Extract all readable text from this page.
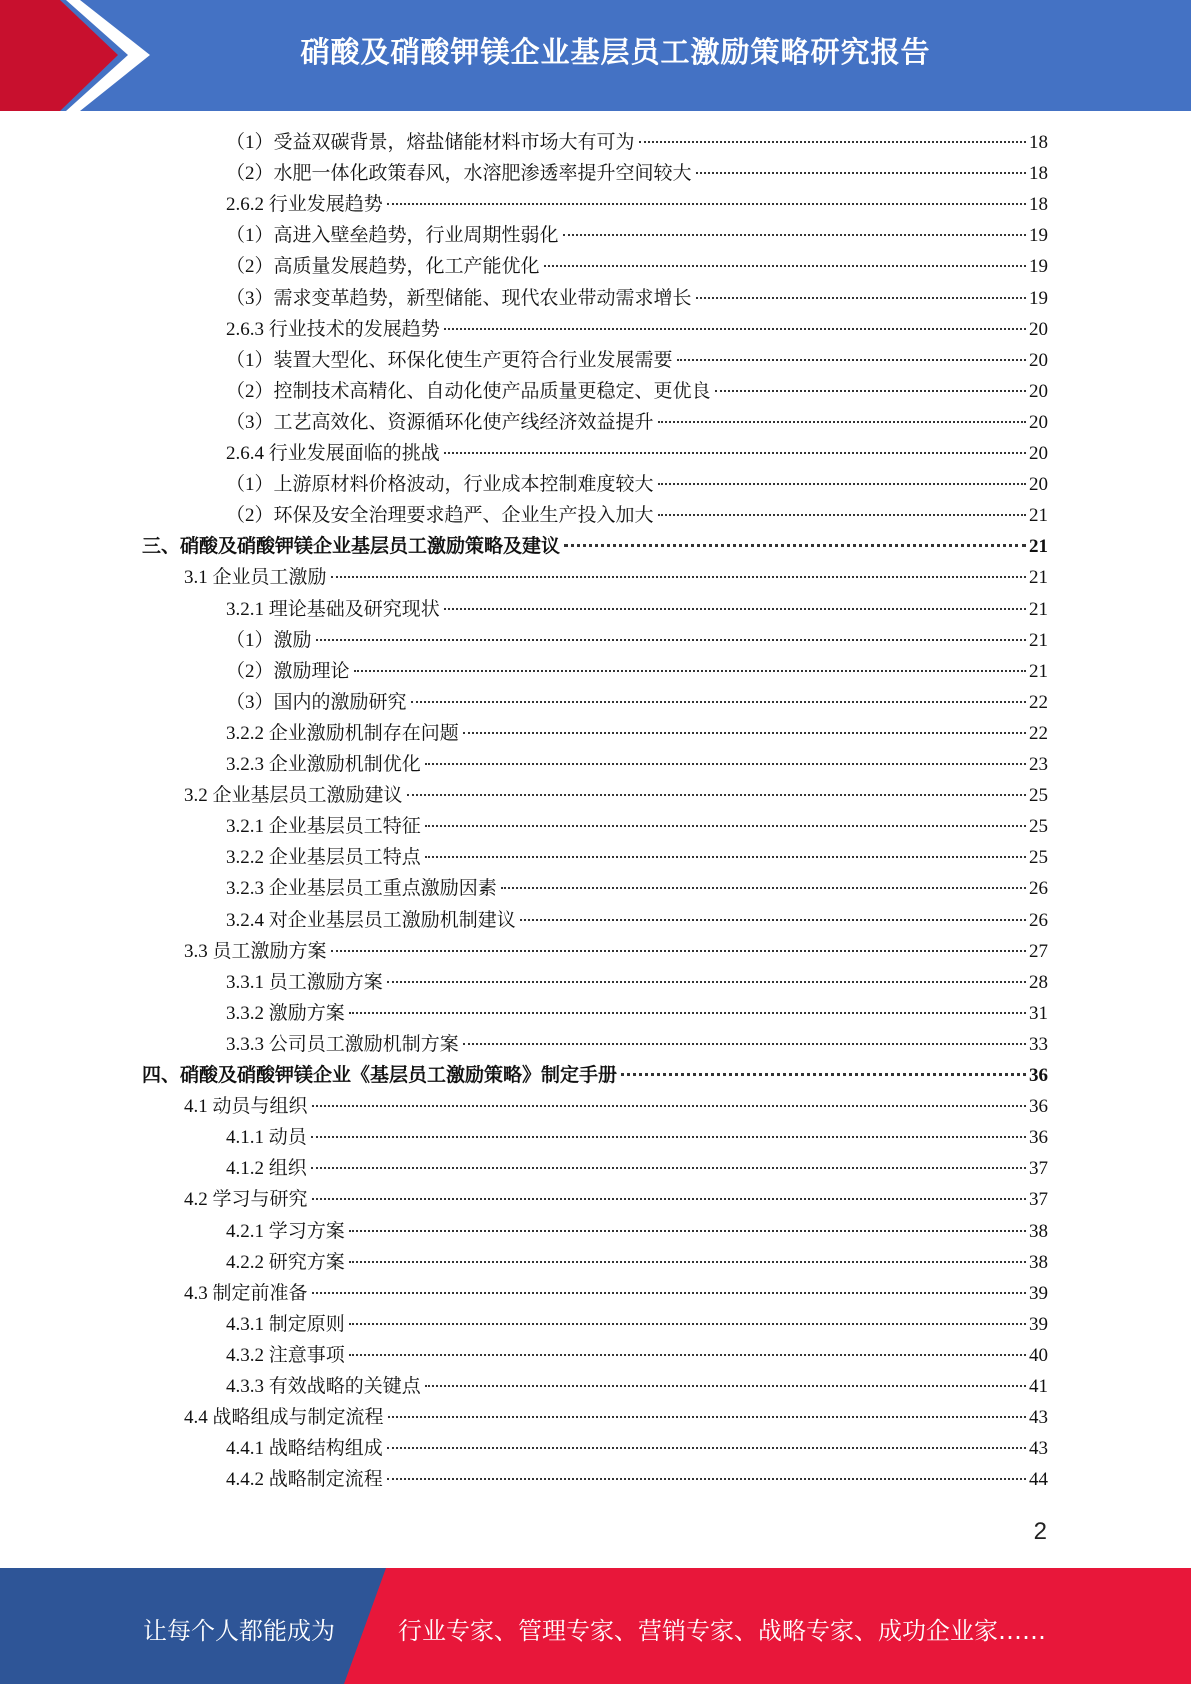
硝酸及硝酸钾镁企业基层员工激励策略研究报告
（1）受益双碳背景，熔盐储能材料市场大有可为	18
（2）水肥一体化政策春风，水溶肥渗透率提升空间较大	18
2.6.2 行业发展趋势	18
（1）高进入壁垒趋势，行业周期性弱化	19
（2）高质量发展趋势，化工产能优化	19
（3）需求变革趋势，新型储能、现代农业带动需求增长	19
2.6.3 行业技术的发展趋势	20
（1）装置大型化、环保化使生产更符合行业发展需要	20
（2）控制技术高精化、自动化使产品质量更稳定、更优良	20
（3）工艺高效化、资源循环化使产线经济效益提升	20
2.6.4 行业发展面临的挑战	20
（1）上游原材料价格波动，行业成本控制难度较大	20
（2）环保及安全治理要求趋严、企业生产投入加大	21
三、硝酸及硝酸钾镁企业基层员工激励策略及建议	21
3.1 企业员工激励	21
3.2.1 理论基础及研究现状	21
（1）激励	21
（2）激励理论	21
（3）国内的激励研究	22
3.2.2 企业激励机制存在问题	22
3.2.3 企业激励机制优化	23
3.2 企业基层员工激励建议	25
3.2.1 企业基层员工特征	25
3.2.2 企业基层员工特点	25
3.2.3 企业基层员工重点激励因素	26
3.2.4 对企业基层员工激励机制建议	26
3.3 员工激励方案	27
3.3.1 员工激励方案	28
3.3.2 激励方案	31
3.3.3 公司员工激励机制方案	33
四、硝酸及硝酸钾镁企业《基层员工激励策略》制定手册	36
4.1 动员与组织	36
4.1.1 动员	36
4.1.2 组织	37
4.2 学习与研究	37
4.2.1 学习方案	38
4.2.2 研究方案	38
4.3 制定前准备	39
4.3.1 制定原则	39
4.3.2 注意事项	40
4.3.3 有效战略的关键点	41
4.4 战略组成与制定流程	43
4.4.1 战略结构组成	43
4.4.2 战略制定流程	44
2
让每个人都能成为	行业专家、管理专家、营销专家、战略专家、成功企业家……
